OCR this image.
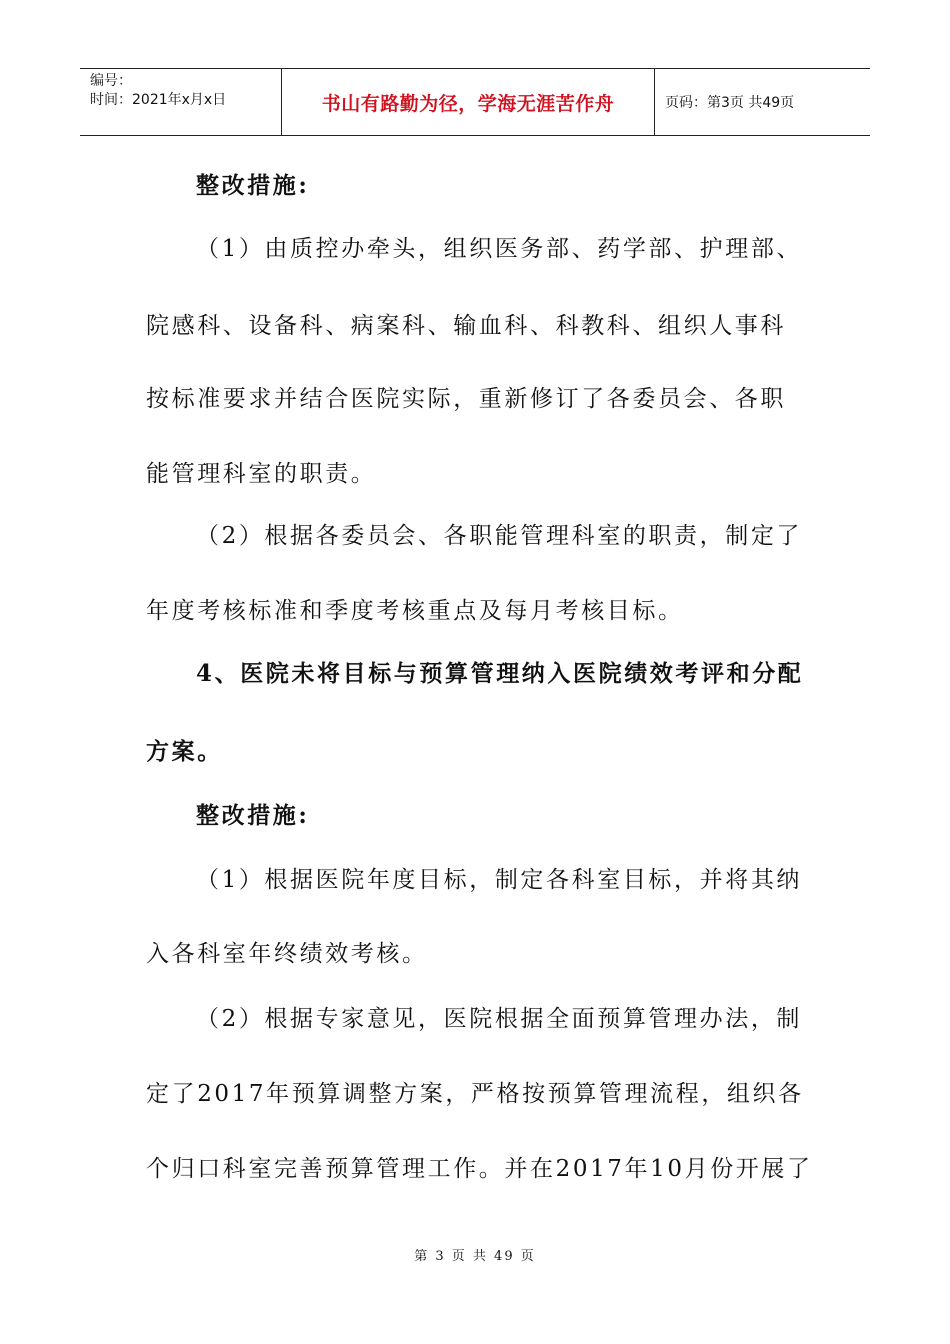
编号：
时间：2021年x月x日	书山有路勤为径，学海无涯苦作舟	页码：第3页 共49页
整改措施:
（1）由质控办牵头，组织医务部、药学部、护理部、
院感科、设备科、病案科、输血科、科教科、组织人事科
按标准要求并结合医院实际，重新修订了各委员会、各职
能管理科室的职责。
（2）根据各委员会、各职能管理科室的职责，制定了
年度考核标准和季度考核重点及每月考核目标。
4、医院未将目标与预算管理纳入医院绩效考评和分配
方案。
整改措施:
（1）根据医院年度目标，制定各科室目标，并将其纳
入各科室年终绩效考核。
（2）根据专家意见，医院根据全面预算管理办法，制
定了2017年预算调整方案，严格按预算管理流程，组织各
个归口科室完善预算管理工作。并在2017年10月份开展了
第 3 页 共 49 页
